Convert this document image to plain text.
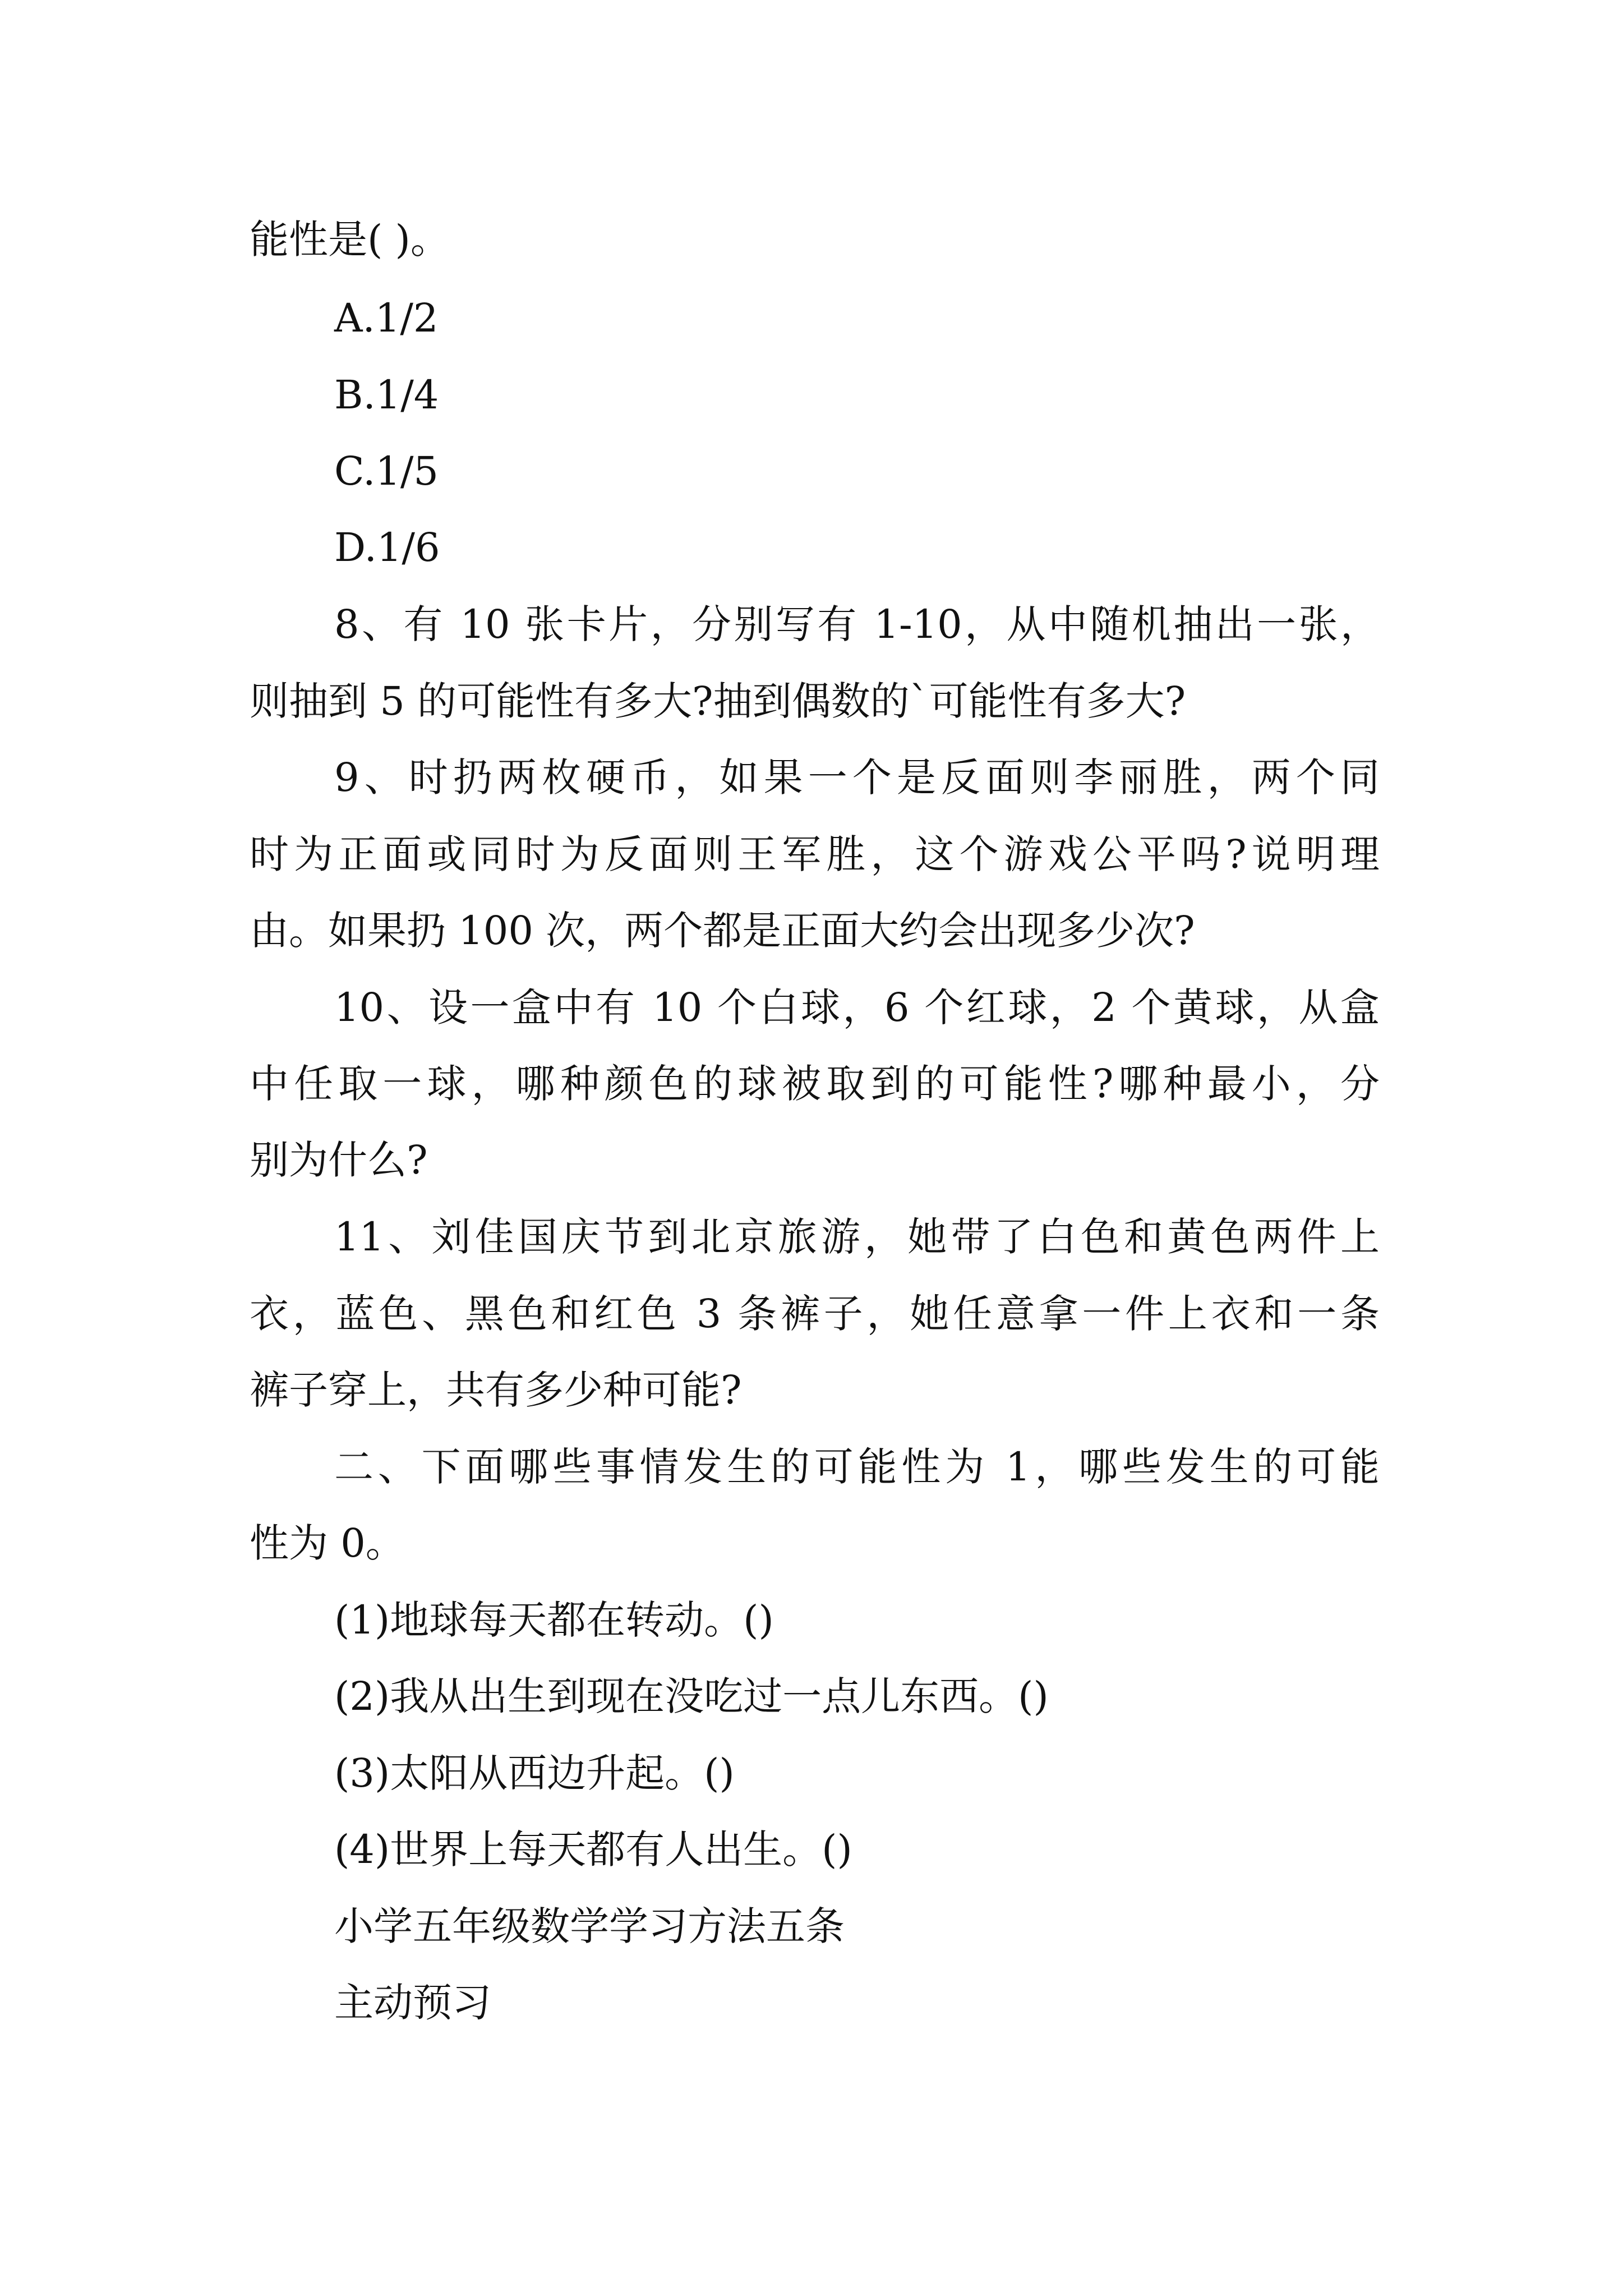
能性是( )。

A.1/2

B.1/4

C.1/5

D.1/6

8、有 10 张卡片，分别写有 1-10，从中随机抽出一张，

则抽到 5 的可能性有多大?抽到偶数的`可能性有多大?

9、时扔两枚硬币，如果一个是反面则李丽胜，两个同

时为正面或同时为反面则王军胜，这个游戏公平吗?说明理

由。如果扔 100 次，两个都是正面大约会出现多少次?

10、设一盒中有 10 个白球，6 个红球，2 个黄球，从盒

中任取一球，哪种颜色的球被取到的可能性?哪种最小，分

别为什么?

11、刘佳国庆节到北京旅游，她带了白色和黄色两件上

衣，蓝色、黑色和红色 3 条裤子，她任意拿一件上衣和一条

裤子穿上，共有多少种可能?

二、下面哪些事情发生的可能性为 1，哪些发生的可能

性为 0。

(1)地球每天都在转动。()

(2)我从出生到现在没吃过一点儿东西。()

(3)太阳从西边升起。()

(4)世界上每天都有人出生。()

小学五年级数学学习方法五条

主动预习
